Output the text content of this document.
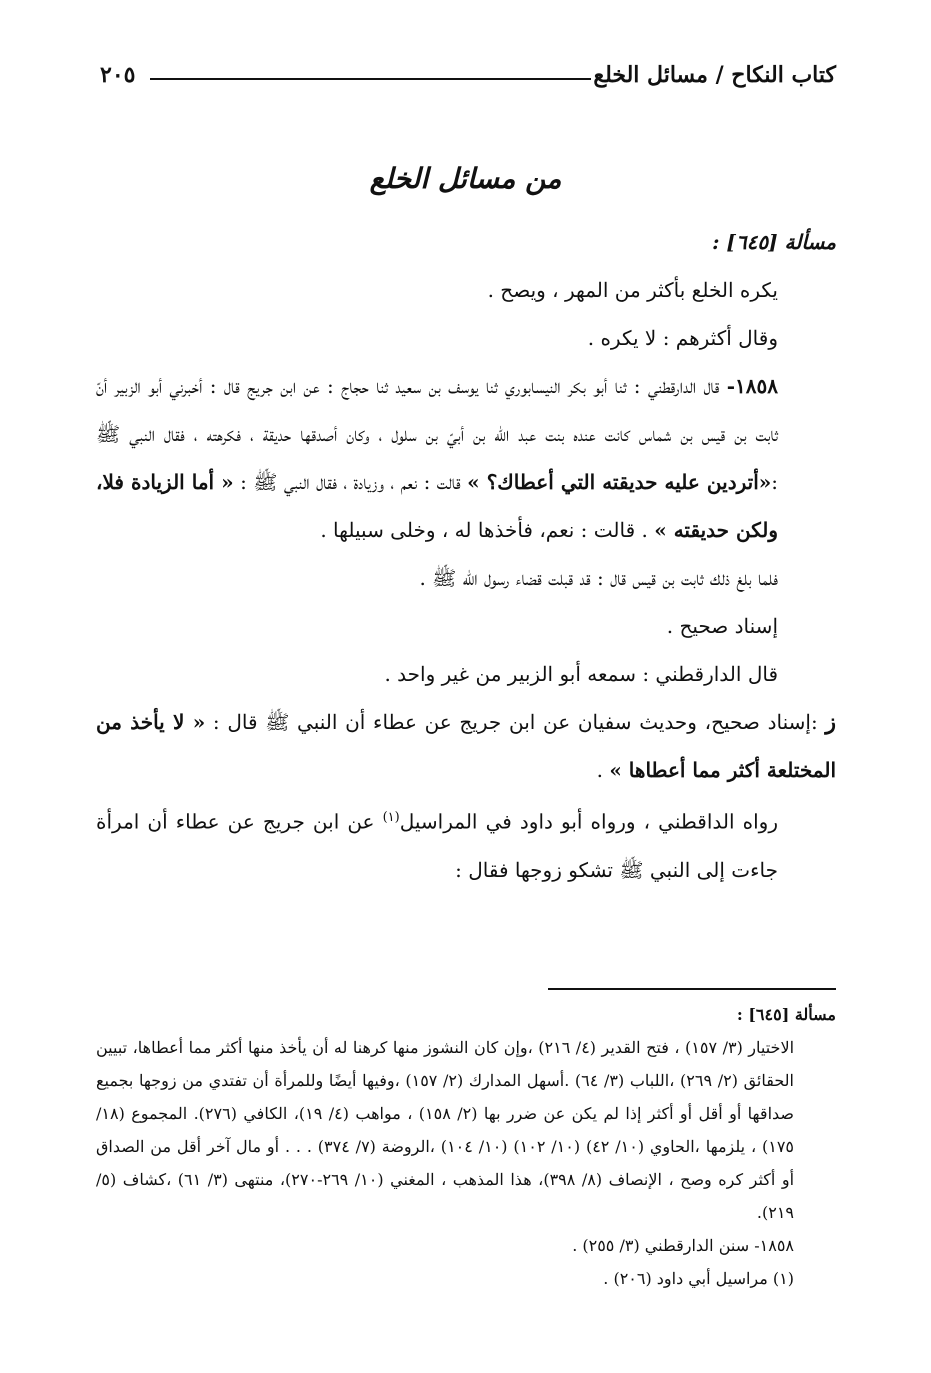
كتاب النكاح / مسائل الخلع
٢٠٥
من مسائل الخلع

مسألة [٦٤٥] :

يكره الخلع بأكثر من المهر ، ويصح .

وقال أكثرهم : لا يكره .

١٨٥٨- قال الدارقطني : ثنا أبو بكر النيسابوري ثنا يوسف بن سعيد ثنا حجاج : عن ابن جريج قال : أخبرني أبو الزبير أنّ ثابت بن قيس بن شماس كانت عنده بنت عبد الله بن أبيّ بن سلول ، وكان أصدقها حديقة ، فكرهته ، فقال النبي ﷺ :«أتردين عليه حديقته التي أعطاك؟ » قالت : نعم ، وزيادة ، فقال النبي ﷺ : « أما الزيادة فلا، ولكن حديقته » . قالت : نعم، فأخذها له ، وخلى سبيلها .

فلما بلغ ذلك ثابت بن قيس قال : قد قبلت قضاء رسول الله ﷺ .

إسناد صحيح .

قال الدارقطني : سمعه أبو الزبير من غير واحد .

ز :إسناد صحيح، وحديث سفيان عن ابن جريج عن عطاء أن النبي ﷺ قال : « لا يأخذ من المختلعة أكثر مما أعطاها » .

رواه الداقطني ، ورواه أبو داود في المراسيل$^{(١)}$ عن ابن جريج عن عطاء أن امرأة جاءت إلى النبي ﷺ تشكو زوجها فقال :

مسألة [٦٤٥] :

الاختيار (٣/ ١٥٧) ، فتح القدير (٤/ ٢١٦) ،وإن كان النشوز منها كرهنا له أن يأخذ منها أكثر مما أعطاها، تبيين الحقائق (٢/ ٢٦٩) ،اللباب (٣/ ٦٤) .أسهل المدارك (٢/ ١٥٧) ،وفيها أيضًا وللمرأة أن تفتدي من زوجها بجميع صداقها أو أقل أو أكثر إذا لم يكن عن ضرر بها (٢/ ١٥٨) ، مواهب (٤/ ١٩)، الكافي (٢٧٦). المجموع (١٨/ ١٧٥) ، يلزمها ،الحاوي (١٠/ ٤٢) (١٠/ ١٠٢) (١٠/ ١٠٤) ،الروضة (٧/ ٣٧٤) . . . أو مال آخر أقل من الصداق أو أكثر كره وصح ، الإنصاف (٨/ ٣٩٨)، هذا المذهب ، المغني (١٠/ ٢٦٩-٢٧٠)، منتهى (٣/ ٦١) ،كشاف (٥/ ٢١٩).

١٨٥٨- سنن الدارقطني (٣/ ٢٥٥) .

(١) مراسيل أبي داود (٢٠٦) .
